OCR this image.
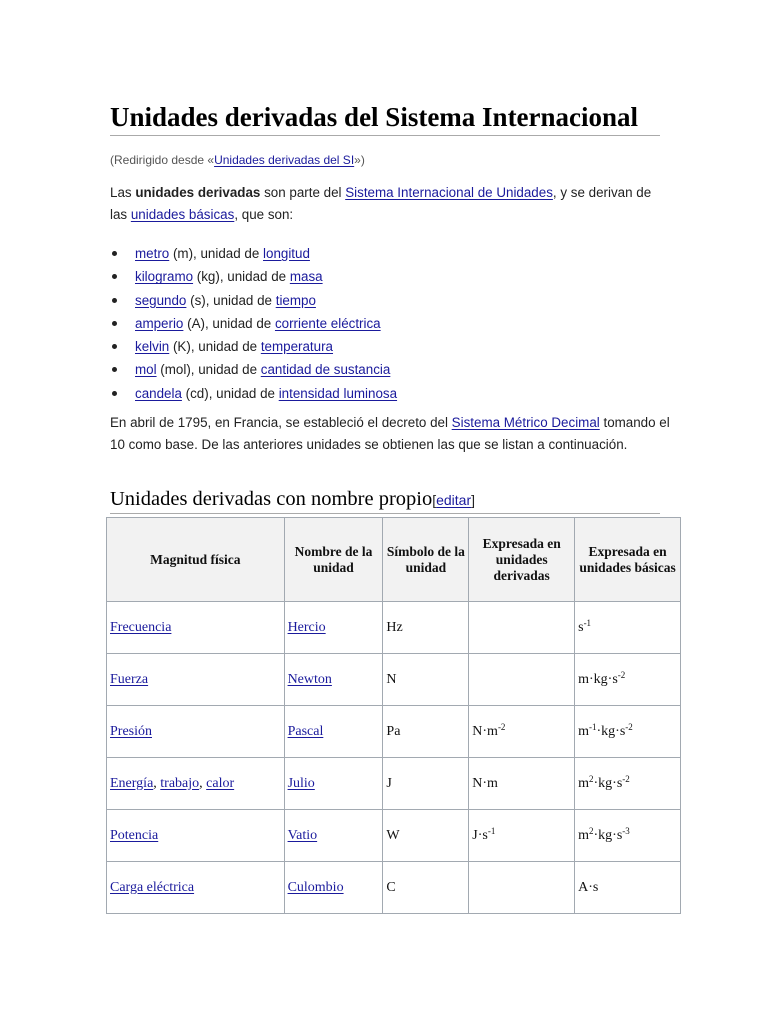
Unidades derivadas del Sistema Internacional
(Redirigido desde «Unidades derivadas del SI»)

Las unidades derivadas son parte del Sistema Internacional de Unidades, y se derivan de las unidades básicas, que son:

metro (m), unidad de longitud
kilogramo (kg), unidad de masa
segundo (s), unidad de tiempo
amperio (A), unidad de corriente eléctrica
kelvin (K), unidad de temperatura
mol (mol), unidad de cantidad de sustancia
candela (cd), unidad de intensidad luminosa

En abril de 1795, en Francia, se estableció el decreto del Sistema Métrico Decimal tomando el 10 como base. De las anteriores unidades se obtienen las que se listan a continuación.

Unidades derivadas con nombre propio[editar]
Magnitud física	Nombre de la unidad	Símbolo de la unidad	Expresada en unidades derivadas	Expresada en unidades básicas
Frecuencia	Hercio	Hz		$s^{-1}$
Fuerza	Newton	N		$m\cdot kg\cdot s^{-2}$
Presión	Pascal	Pa	$N\cdot m^{-2}$	$m^{-1}\cdot kg\cdot s^{-2}$
Energía, trabajo, calor	Julio	J	N·m	$m^2\cdot kg\cdot s^{-2}$
Potencia	Vatio	W	$J\cdot s^{-1}$	$m^2\cdot kg\cdot s^{-3}$
Carga eléctrica	Culombio	C		A·s
